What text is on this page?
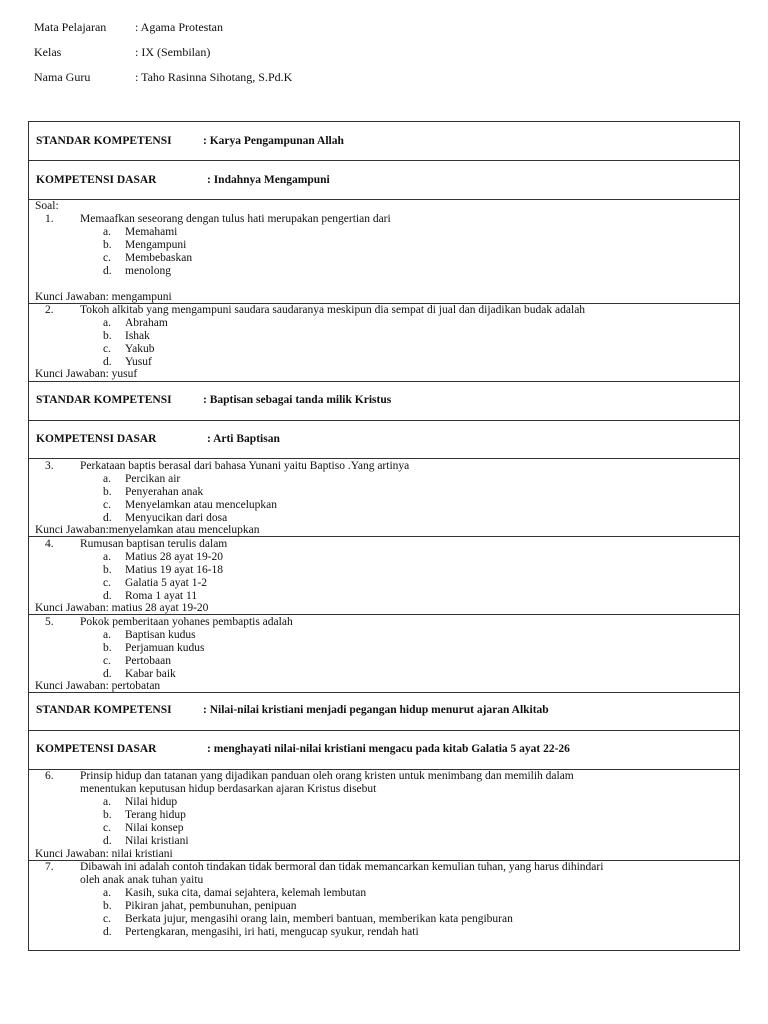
Mata Pelajaran : Agama Protestan
Kelas	: IX (Sembilan)
Nama Guru	: Taho Rasinna Sihotang, S.Pd.K
STANDAR KOMPETENSI	: Karya Pengampunan Allah
KOMPETENSI DASAR	: Indahnya Mengampuni
Soal:
1. Memaafkan seseorang dengan tulus hati merupakan pengertian dari
a. Memahami
b. Mengampuni
c. Membebaskan
d. menolong
Kunci Jawaban: mengampuni
2. Tokoh alkitab yang mengampuni saudara saudaranya meskipun dia sempat di jual dan dijadikan budak adalah
a. Abraham
b. Ishak
c. Yakub
d. Yusuf
Kunci Jawaban: yusuf
STANDAR KOMPETENSI	: Baptisan sebagai tanda milik Kristus
KOMPETENSI DASAR	: Arti Baptisan
3. Perkataan baptis berasal dari bahasa Yunani yaitu Baptiso .Yang artinya
a. Percikan air
b. Penyerahan anak
c. Menyelamkan atau mencelupkan
d. Menyucikan dari dosa
Kunci Jawaban:menyelamkan atau mencelupkan
4. Rumusan baptisan terulis dalam
a. Matius 28 ayat 19-20
b. Matius 19 ayat 16-18
c. Galatia 5 ayat 1-2
d. Roma 1 ayat 11
Kunci Jawaban: matius 28 ayat 19-20
5. Pokok pemberitaan yohanes pembaptis adalah
a. Baptisan kudus
b. Perjamuan kudus
c. Pertobaan
d. Kabar baik
Kunci Jawaban: pertobatan
STANDAR KOMPETENSI	: Nilai-nilai kristiani menjadi pegangan hidup menurut ajaran Alkitab
KOMPETENSI DASAR	: menghayati nilai-nilai kristiani mengacu pada kitab Galatia 5 ayat 22-26
6. Prinsip hidup dan tatanan yang dijadikan panduan oleh orang kristen untuk menimbang dan memilih dalam
menentukan keputusan hidup berdasarkan ajaran Kristus disebut
a. Nilai hidup
b. Terang hidup
c. Nilai konsep
d. Nilai kristiani
Kunci Jawaban: nilai kristiani
7. Dibawah ini adalah contoh tindakan tidak bermoral dan tidak memancarkan kemulian tuhan, yang harus dihindari
oleh anak anak tuhan yaitu
a. Kasih, suka cita, damai sejahtera, kelemah lembutan
b. Pikiran jahat, pembunuhan, penipuan
c. Berkata jujur, mengasihi orang lain, memberi bantuan, memberikan kata pengiburan
d. Pertengkaran, mengasihi, iri hati, mengucap syukur, rendah hati
